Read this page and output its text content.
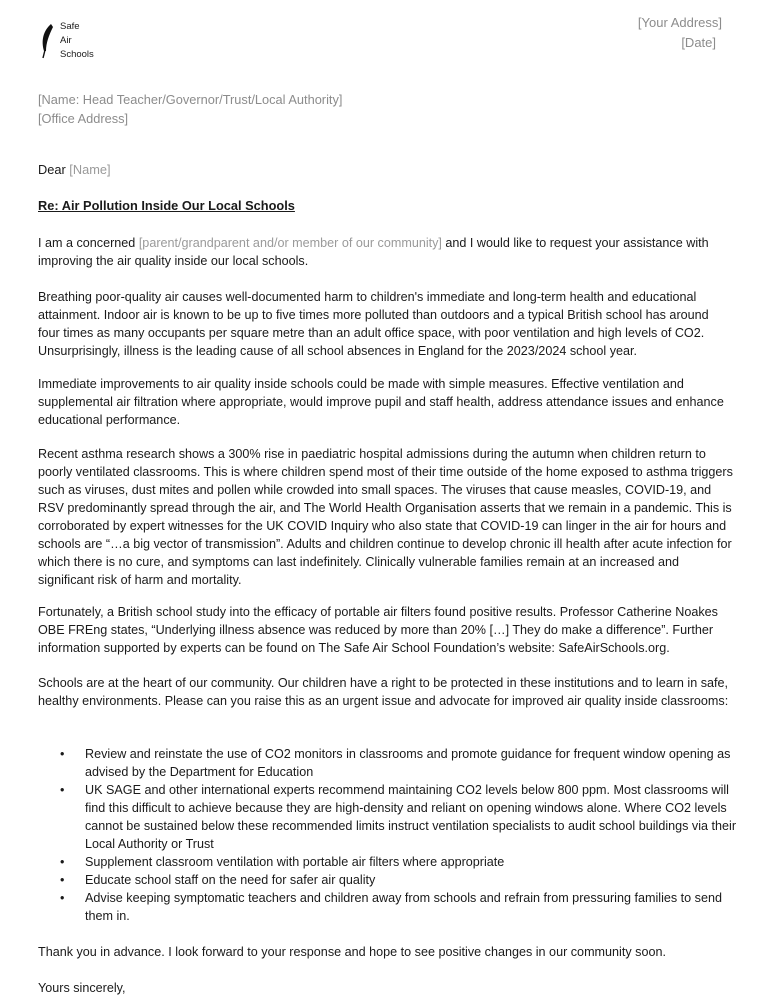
Safe
Air
Schools
[Your Address]
[Date]
[Name: Head Teacher/Governor/Trust/Local Authority]
[Office Address]
Dear [Name]
Re: Air Pollution Inside Our Local Schools

I am a concerned [parent/grandparent and/or member of our community] and I would like to request your assistance with improving the air quality inside our local schools.

Breathing poor-quality air causes well-documented harm to children's immediate and long-term health and educational attainment. Indoor air is known to be up to five times more polluted than outdoors and a typical British school has around four times as many occupants per square metre than an adult office space, with poor ventilation and high levels of CO2. Unsurprisingly, illness is the leading cause of all school absences in England for the 2023/2024 school year.

Immediate improvements to air quality inside schools could be made with simple measures. Effective ventilation and supplemental air filtration where appropriate, would improve pupil and staff health, address attendance issues and enhance educational performance.

Recent asthma research shows a 300% rise in paediatric hospital admissions during the autumn when children return to poorly ventilated classrooms. This is where children spend most of their time outside of the home exposed to asthma triggers such as viruses, dust mites and pollen while crowded into small spaces. The viruses that cause measles, COVID-19, and RSV predominantly spread through the air, and The World Health Organisation asserts that we remain in a pandemic. This is corroborated by expert witnesses for the UK COVID Inquiry who also state that COVID-19 can linger in the air for hours and schools are “…a big vector of transmission”. Adults and children continue to develop chronic ill health after acute infection for which there is no cure, and symptoms can last indefinitely. Clinically vulnerable families remain at an increased and significant risk of harm and mortality.

Fortunately, a British school study into the efficacy of portable air filters found positive results. Professor Catherine Noakes OBE FREng states, “Underlying illness absence was reduced by more than 20% […] They do make a difference”. Further information supported by experts can be found on The Safe Air School Foundation’s website: SafeAirSchools.org.

Schools are at the heart of our community. Our children have a right to be protected in these institutions and to learn in safe, healthy environments. Please can you raise this as an urgent issue and advocate for improved air quality inside classrooms:

• Review and reinstate the use of CO2 monitors in classrooms and promote guidance for frequent window opening as advised by the Department for Education
• UK SAGE and other international experts recommend maintaining CO2 levels below 800 ppm. Most classrooms will find this difficult to achieve because they are high-density and reliant on opening windows alone. Where CO2 levels cannot be sustained below these recommended limits instruct ventilation specialists to audit school buildings via their Local Authority or Trust
• Supplement classroom ventilation with portable air filters where appropriate
• Educate school staff on the need for safer air quality
• Advise keeping symptomatic teachers and children away from schools and refrain from pressuring families to send them in.

Thank you in advance. I look forward to your response and hope to see positive changes in our community soon.

Yours sincerely,
